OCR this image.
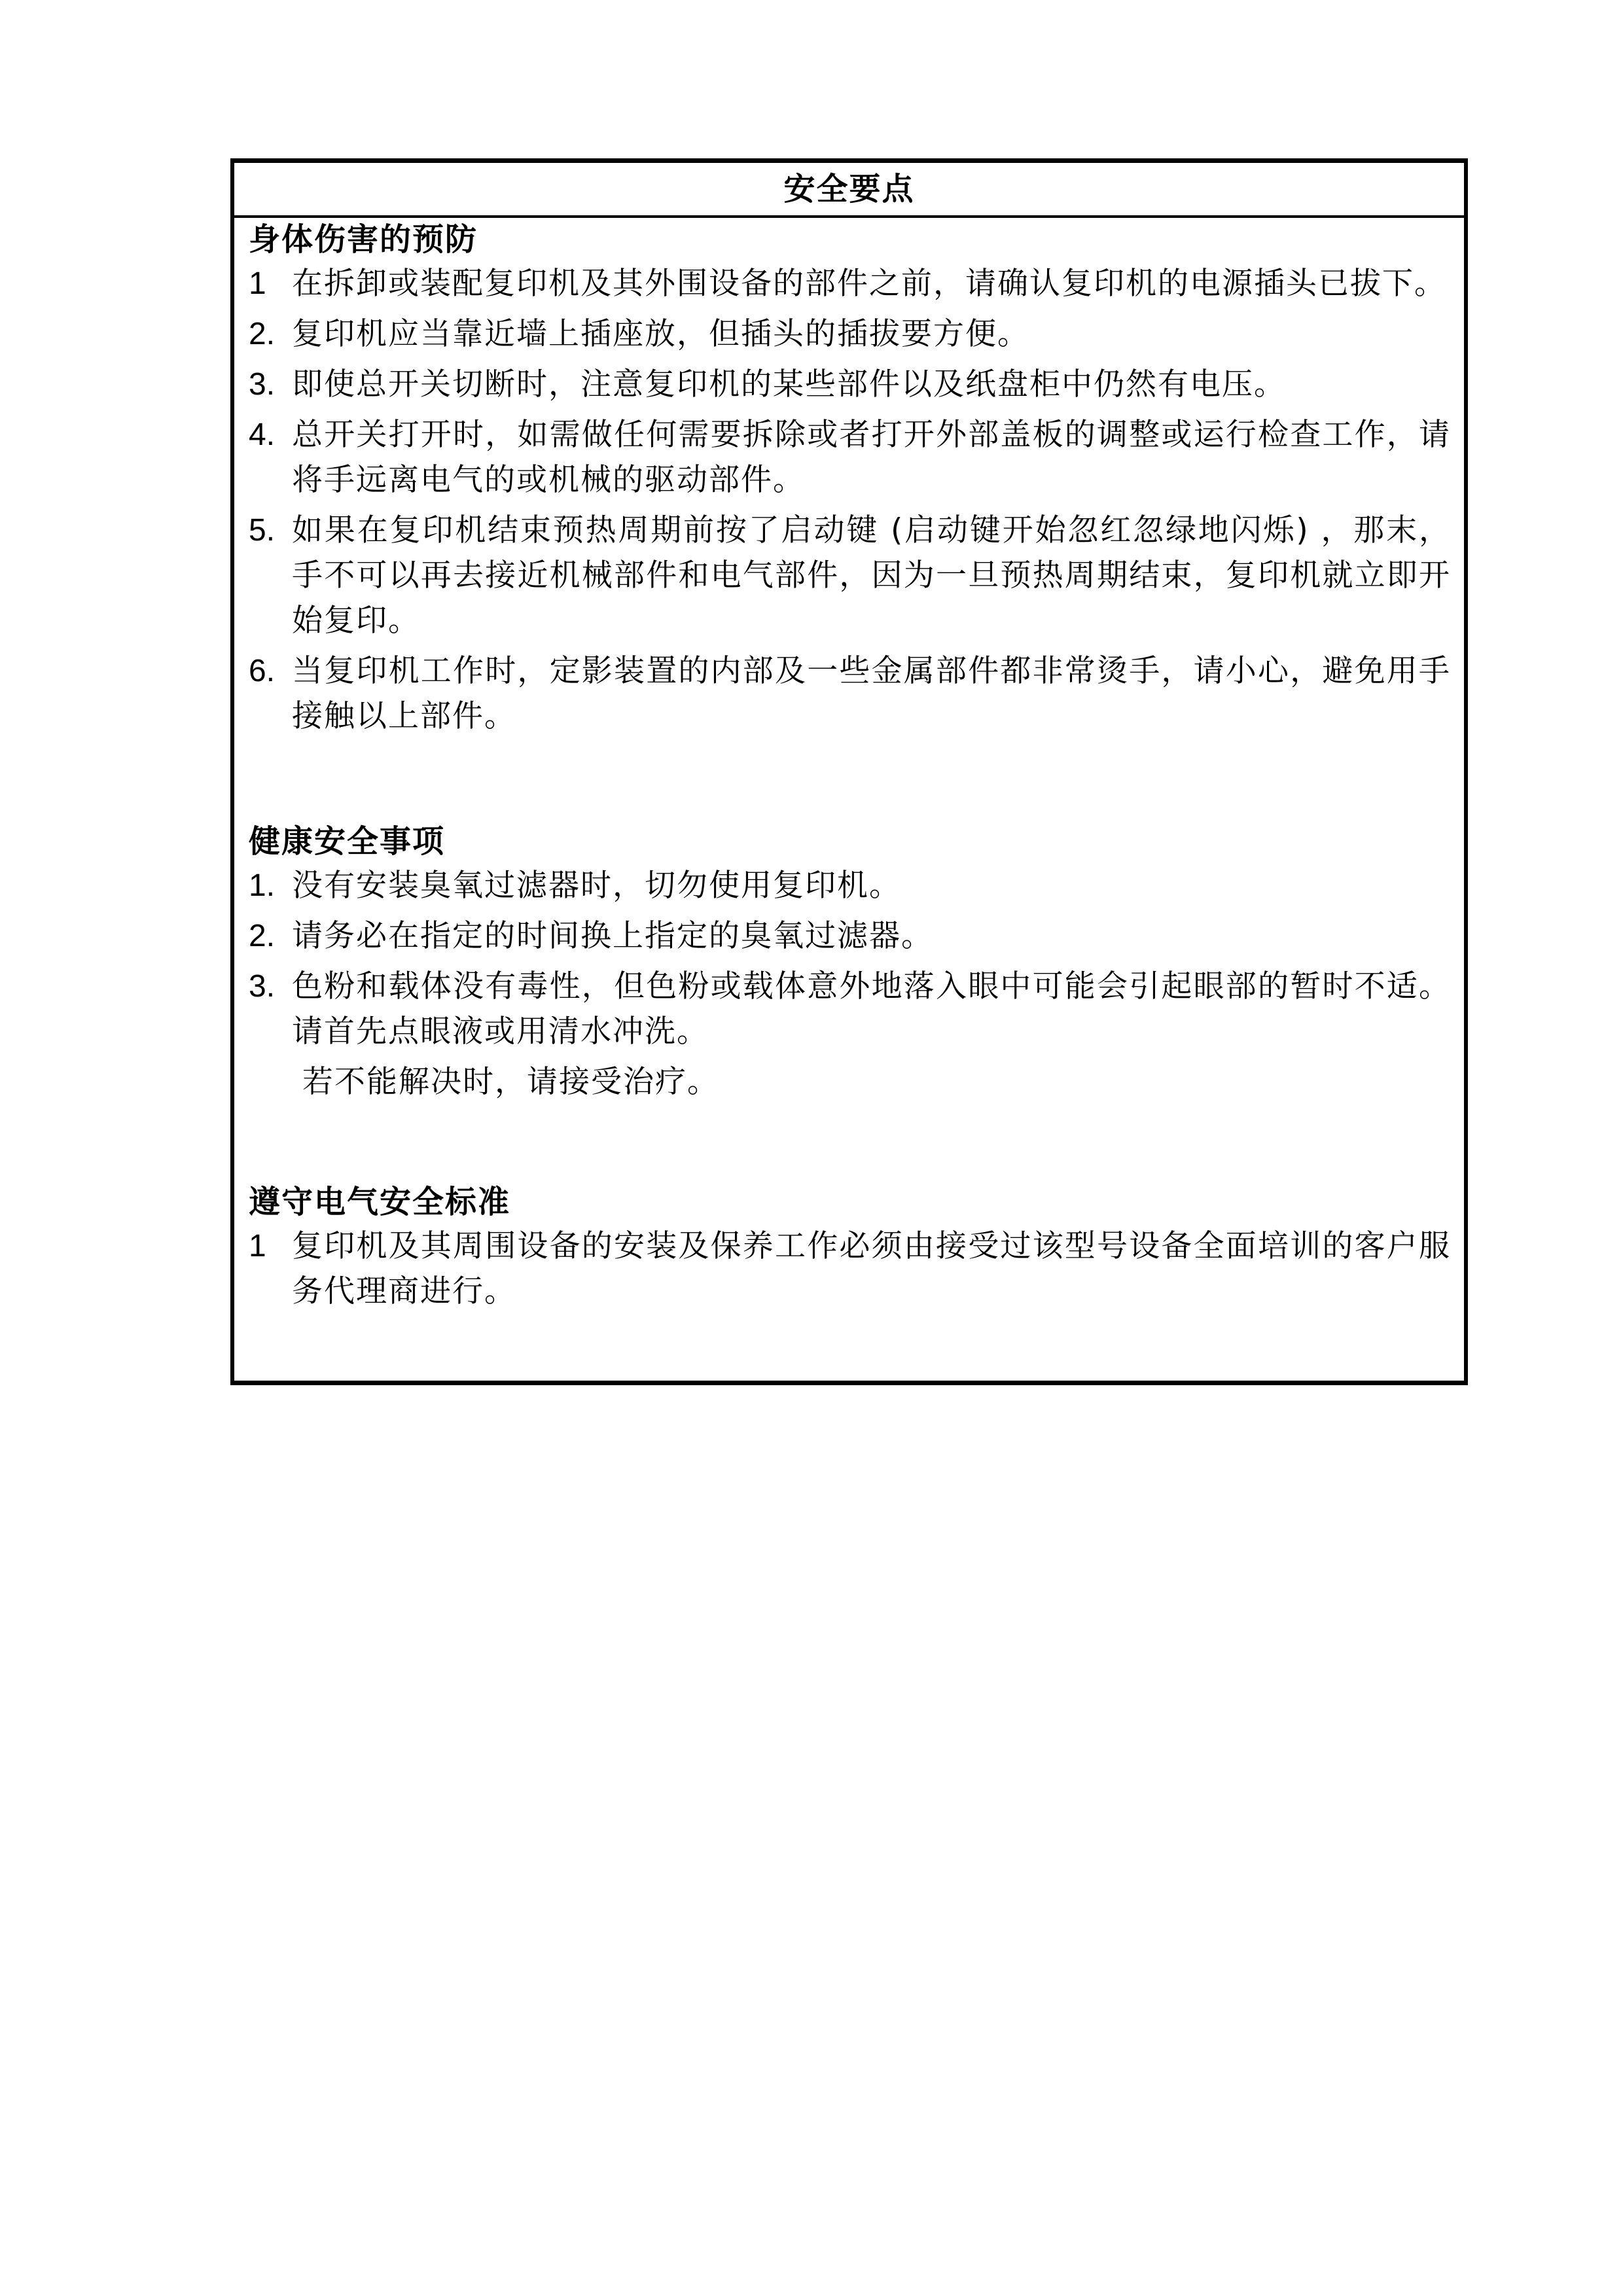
安全要点
身体伤害的预防
1 在拆卸或装配复印机及其外围设备的部件之前，请确认复印机的电源插头已拔下。
2. 复印机应当靠近墙上插座放，但插头的插拔要方便。
3. 即使总开关切断时，注意复印机的某些部件以及纸盘柜中仍然有电压。
4. 总开关打开时，如需做任何需要拆除或者打开外部盖板的调整或运行检查工作，请将手远离电气的或机械的驱动部件。
5. 如果在复印机结束预热周期前按了启动键 (启动键开始忽红忽绿地闪烁) ，那末，手不可以再去接近机械部件和电气部件，因为一旦预热周期结束，复印机就立即开始复印。
6. 当复印机工作时，定影装置的内部及一些金属部件都非常烫手，请小心，避免用手接触以上部件。
健康安全事项
1. 没有安装臭氧过滤器时，切勿使用复印机。
2. 请务必在指定的时间换上指定的臭氧过滤器。
3. 色粉和载体没有毒性，但色粉或载体意外地落入眼中可能会引起眼部的暂时不适。请首先点眼液或用清水冲洗。
若不能解决时，请接受治疗。
遵守电气安全标准
1 复印机及其周围设备的安装及保养工作必须由接受过该型号设备全面培训的客户服务代理商进行。
